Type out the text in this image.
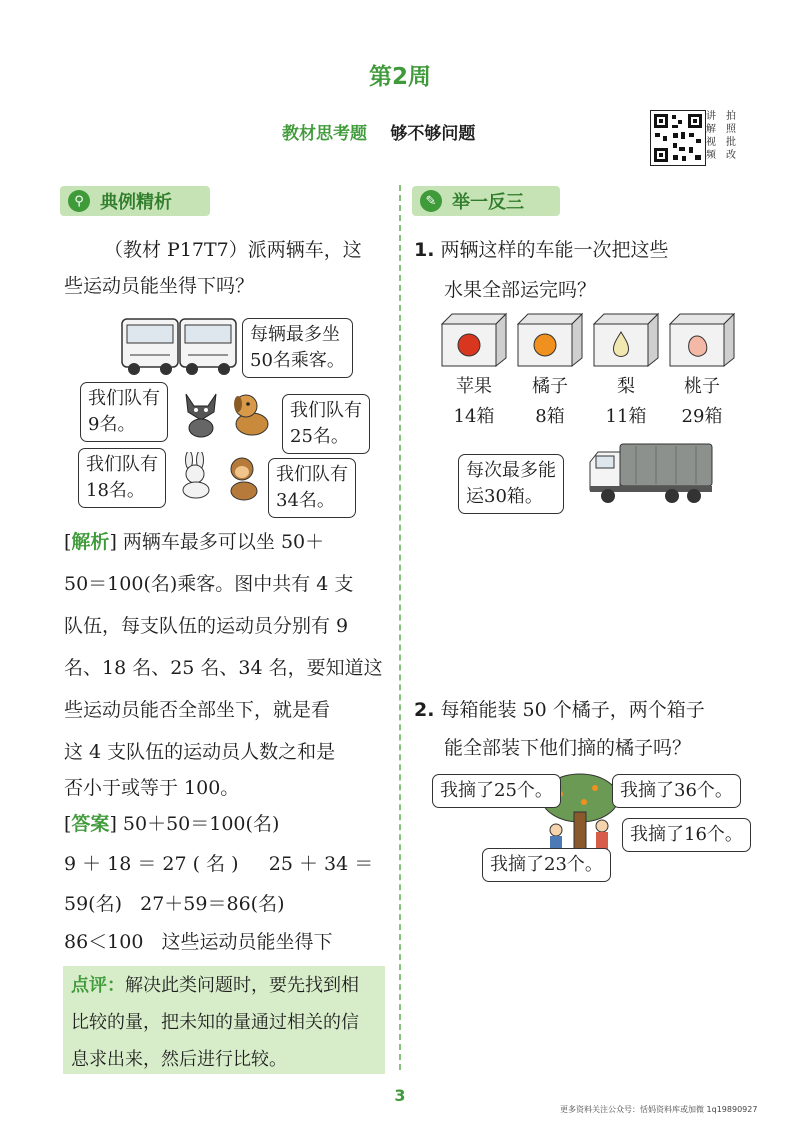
第2周
教材思考题 够不够问题
讲	拍
解	照
视	批
频	改
⚲ 典例精析
（教材 P17T7）派两辆车，这
些运动员能坐得下吗？
每辆最多坐
50名乘客。
我们队有
9名。
我们队有
25名。
我们队有
18名。
我们队有
34名。
[解析] 两辆车最多可以坐 50＋
50＝100(名)乘客。图中共有 4 支
队伍，每支队伍的运动员分别有 9
名、18 名、25 名、34 名，要知道这
些运动员能否全部坐下，就是看
这 4 支队伍的运动员人数之和是
否小于或等于 100。
[答案] 50＋50＝100(名)
9 ＋ 18 ＝ 27 ( 名 )     25 ＋ 34 ＝
59(名)   27＋59＝86(名)
86＜100   这些运动员能坐得下
点评：解决此类问题时，要先找到相
比较的量，把未知的量通过相关的信
息求出来，然后进行比较。
✎ 举一反三
1. 两辆这样的车能一次把这些
水果全部运完吗？
苹果	橘子	梨	桃子
14箱	8箱	11箱	29箱
每次最多能
运30箱。
2. 每箱能装 50 个橘子，两个箱子
能全部装下他们摘的橘子吗？
我摘了25个。	我摘了36个。
我摘了16个。
我摘了23个。
3
更多资料关注公众号：恬妈资料库或加微 1q19890927
